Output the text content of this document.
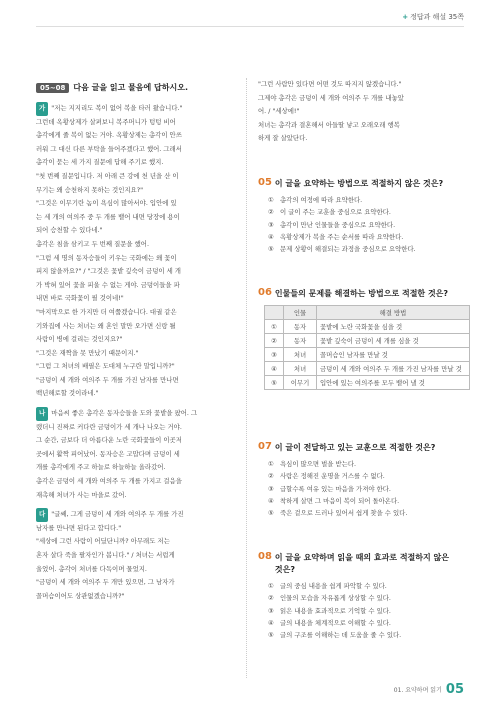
+ 정답과 해설 35쪽
05~08	다음 글을 읽고 물음에 답하시오.
가 "저는 지지리도 복이 없어 복을 타러 왔습니다."
그런데 옥황상제가 살펴보니 복주머니가 텅텅 비어
총각에게 줄 복이 없는 거야. 옥황상제는 총각이 안쓰
러워 그 대신 다른 부탁을 들어주겠다고 했어. 그래서
총각이 묻는 세 가지 질문에 답해 주기로 했지.
"첫 번째 질문입니다. 저 아래 큰 강에 천 년을 산 이
무기는 왜 승천하지 못하는 것인지요?"
"그것은 이무기란 놈이 욕심이 많아서야. 입안에 있
는 세 개의 여의주 중 두 개를 뱉어 내면 당장에 용이
되어 승천할 수 있다네."
총각은 침을 삼키고 두 번째 질문을 했어.
"그럼 세 명의 동자승들이 키우는 국화에는 왜 꽃이
피지 않을까요?" / "그것은 꽃밭 깊숙이 금덩이 세 개
가 박혀 있어 꽃을 피울 수 없는 게야. 금덩이들을 파
내면 바로 국화꽃이 필 것이네!"
"마지막으로 한 가지만 더 여쭙겠습니다. 대궐 같은
기와집에 사는 처녀는 왜 혼인 말만 오가면 신랑 될
사람이 병에 걸리는 것인지요?"
"그것은 재짝을 못 만났기 때문이지."
"그럼 그 처녀의 배필은 도대체 누구란 말입니까?"
"금덩이 세 개와 여의주 두 개를 가진 남자를 만나면
백년해로할 것이라네."
나 마음씨 좋은 총각은 동자승들을 도와 꽃밭을 팠어. 그
랬더니 진짜로 커다란 금덩이가 세 개나 나오는 거야.
그 순간, 금보다 더 아름다운 노란 국화꽃들이 이곳저
곳에서 활짝 피어났어. 동자승은 고맙다며 금덩이 세
개를 총각에게 주고 하늘로 하늘하늘 올라갔어.
총각은 금덩이 세 개와 여의주 두 개를 가지고 걸음을
재촉해 처녀가 사는 마을로 갔어.
다 "글쎄, 그게 금덩이 세 개와 여의주 두 개를 가진
남자를 만나면 된다고 합디다."
"세상에 그런 사람이 어딨단니까? 아무래도 저는
혼자 살다 죽을 팔자인가 봅니다." / 처녀는 서럽게
울었어. 총각이 처녀를 다독이며 물었지.
"금덩이 세 개와 여의주 두 개만 있으면, 그 남자가
꼴머슴이어도 상관없겠습니까?"
"그런 사람만 있다면 어떤 것도 따지지 않겠습니다."
그제야 총각은 금덩이 세 개와 여의주 두 개를 내놓았
어. / "세상에!"
처녀는 총각과 결혼해서 아들딸 낳고 오래오래 행복
하게 잘 살았단다.
05 이 글을 요약하는 방법으로 적절하지 않은 것은?
① 총각의 여정에 따라 요약한다.
② 이 글이 주는 교훈을 중심으로 요약한다.
③ 총각이 만난 인물들을 중심으로 요약한다.
④ 옥황상제가 복을 주는 순서를 따라 요약한다.
⑤ 문제 상황이 해결되는 과정을 중심으로 요약한다.
06 인물들의 문제를 해결하는 방법으로 적절한 것은?
	인물	해결 방법
①	동자	꽃밭에 노란 국화꽃을 심을 것
②	동자	꽃밭 깊숙이 금덩이 세 개를 심을 것
③	처녀	꼴머슴인 남자를 만날 것
④	처녀	금덩이 세 개와 여의주 두 개를 가진 남자를 만날 것
⑤	이무기	입안에 있는 여의주를 모두 뱉어 낼 것
07 이 글이 전달하고 있는 교훈으로 적절한 것은?
① 욕심이 많으면 벌을 받는다.
② 사람은 정해진 운명을 거스를 수 없다.
③ 급할수록 여유 있는 마음을 가져야 한다.
④ 착하게 살면 그 마음이 복이 되어 돌아온다.
⑤ 죽은 겉으로 드러나 있어서 쉽게 찾을 수 있다.
08 이 글을 요약하며 읽을 때의 효과로 적절하지 않은
것은?
① 글의 중심 내용을 쉽게 파악할 수 있다.
② 인물의 모습을 자유롭게 상상할 수 있다.
③ 읽은 내용을 효과적으로 기억할 수 있다.
④ 글의 내용을 체계적으로 이해할 수 있다.
⑤ 글의 구조를 이해하는 데 도움을 줄 수 있다.
01. 요약하며 읽기 05
